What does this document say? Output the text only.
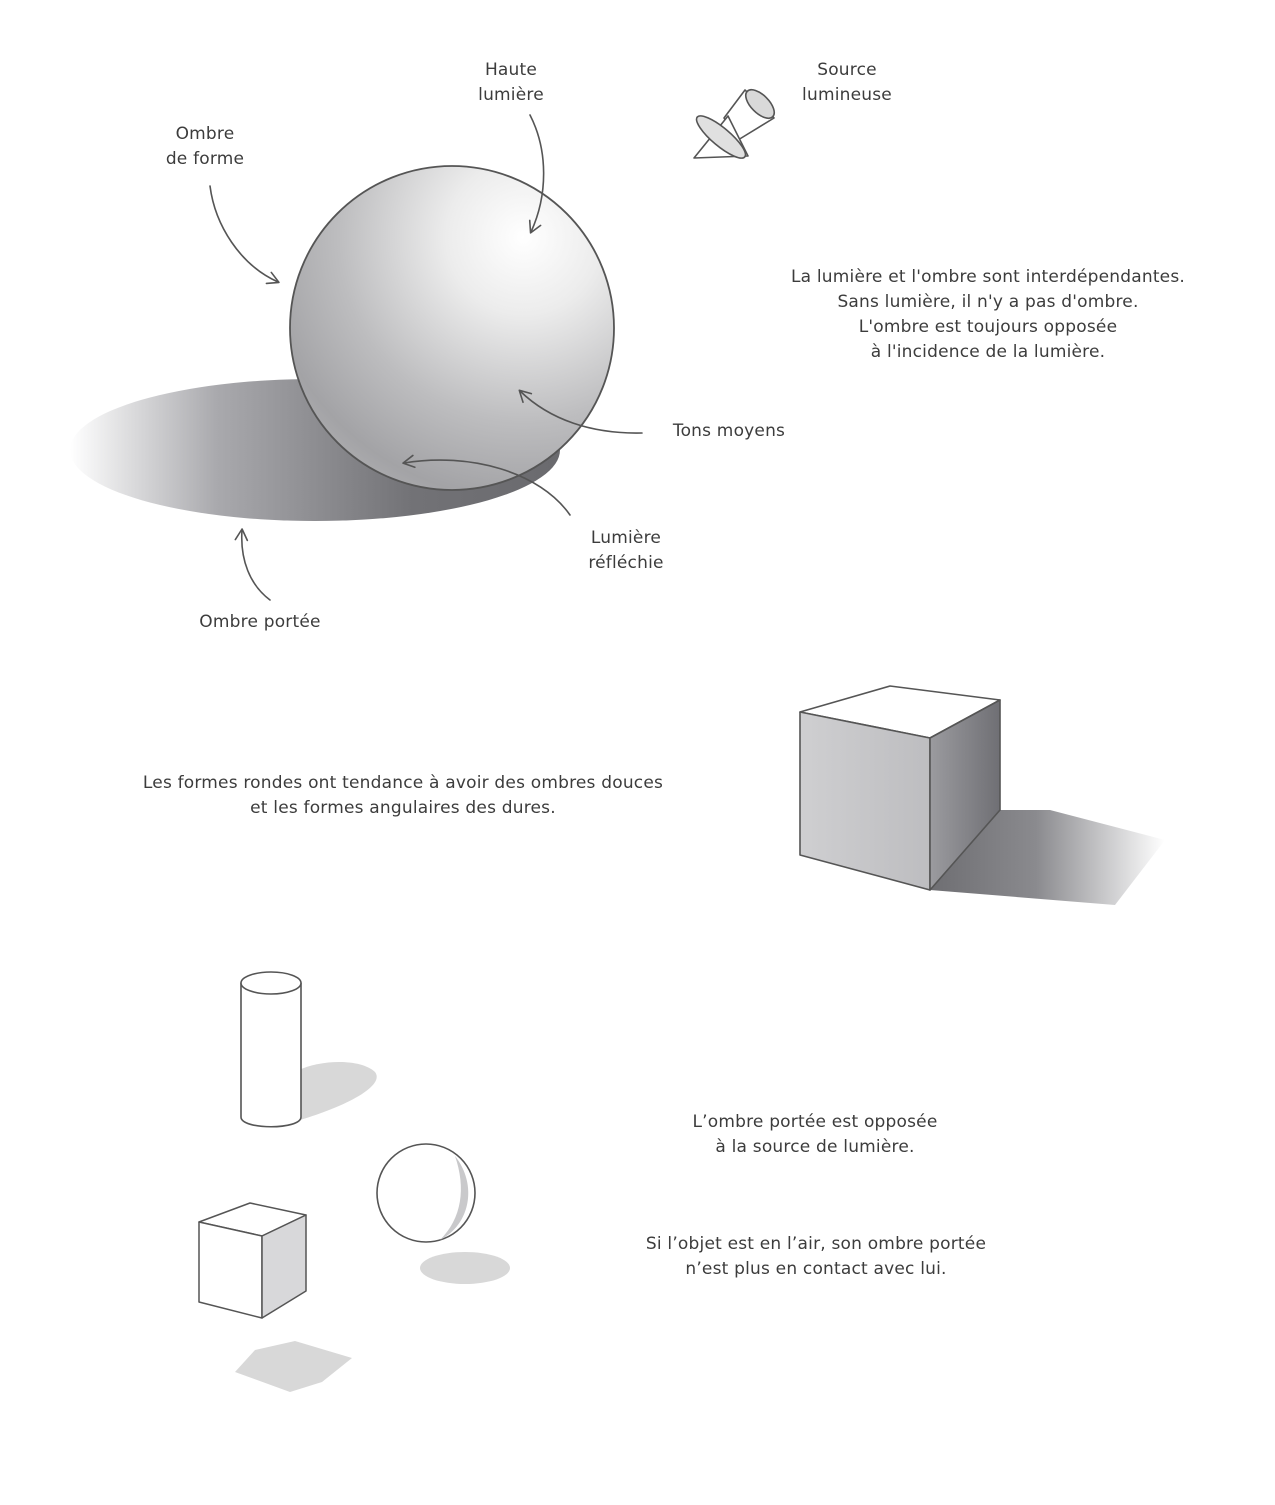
Haute
lumière
Source
lumineuse
Ombre
de forme
Tons moyens
Lumière
réfléchie
Ombre portée
La lumière et l'ombre sont interdépendantes.
Sans lumière, il n'y a pas d'ombre.
L'ombre est toujours opposée
à l'incidence de la lumière.
Les formes rondes ont tendance à avoir des ombres douces
et les formes angulaires des dures.
L’ombre portée est opposée
à la source de lumière.
Si l’objet est en l’air, son ombre portée
n’est plus en contact avec lui.
